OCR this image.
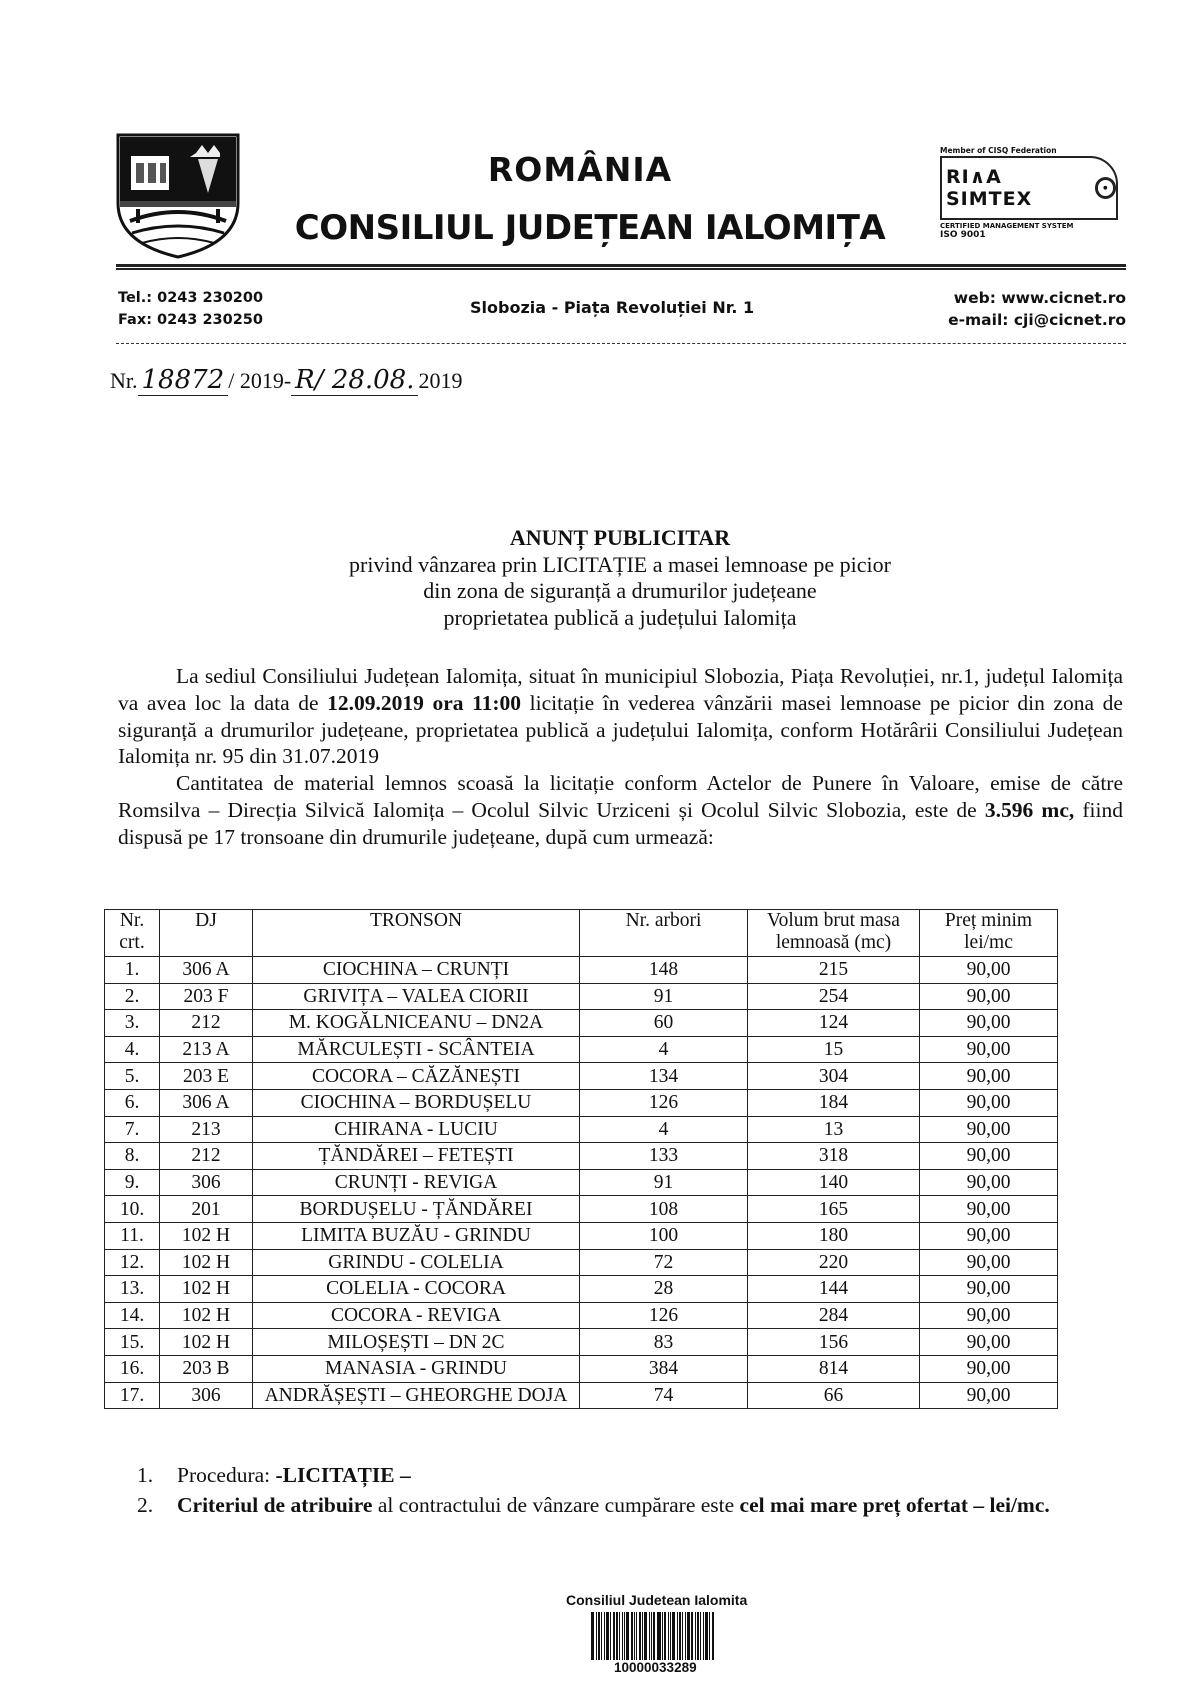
ROMÂNIA
CONSILIUL JUDEȚEAN IALOMIȚA
Member of CISQ Federation
RI∧A SIMTEX	●
CERTIFIED MANAGEMENT SYSTEM
ISO 9001
Tel.: 0243 230200
Fax: 0243 230250
Slobozia - Piața Revoluției Nr. 1	web: www.cicnet.ro
e-mail: cji@cicnet.ro
Nr. 18872 / 2019- R/ 28.08. 2019
ANUNȚ PUBLICITAR
privind vânzarea prin LICITAȚIE a masei lemnoase pe picior
din zona de siguranță a drumurilor județeane
proprietatea publică a județului Ialomița

La sediul Consiliului Județean Ialomița, situat în municipiul Slobozia, Piața Revoluției, nr.1, județul Ialomița va avea loc la data de 12.09.2019 ora 11:00 licitație în vederea vânzării masei lemnoase pe picior din zona de siguranță a drumurilor județeane, proprietatea publică a județului Ialomița, conform Hotărârii Consiliului Județean Ialomița nr. 95 din 31.07.2019

Cantitatea de material lemnos scoasă la licitație conform Actelor de Punere în Valoare, emise de către Romsilva – Direcția Silvică Ialomița – Ocolul Silvic Urziceni și Ocolul Silvic Slobozia, este de 3.596 mc, fiind dispusă pe 17 tronsoane din drumurile județeane, după cum urmează:

Nr. crt.	DJ	TRONSON	Nr. arbori	Volum brut masa lemnoasă (mc)	Preț minim lei/mc
1.	306 A	CIOCHINA – CRUNȚI	148	215	90,00
2.	203 F	GRIVIȚA – VALEA CIORII	91	254	90,00
3.	212	M. KOGĂLNICEANU – DN2A	60	124	90,00
4.	213 A	MĂRCULEȘTI - SCÂNTEIA	4	15	90,00
5.	203 E	COCORA – CĂZĂNEȘTI	134	304	90,00
6.	306 A	CIOCHINA – BORDUȘELU	126	184	90,00
7.	213	CHIRANA - LUCIU	4	13	90,00
8.	212	ȚĂNDĂREI – FETEȘTI	133	318	90,00
9.	306	CRUNȚI - REVIGA	91	140	90,00
10.	201	BORDUȘELU - ȚĂNDĂREI	108	165	90,00
11.	102 H	LIMITA BUZĂU - GRINDU	100	180	90,00
12.	102 H	GRINDU - COLELIA	72	220	90,00
13.	102 H	COLELIA - COCORA	28	144	90,00
14.	102 H	COCORA - REVIGA	126	284	90,00
15.	102 H	MILOȘEȘTI – DN 2C	83	156	90,00
16.	203 B	MANASIA - GRINDU	384	814	90,00
17.	306	ANDRĂȘEȘTI – GHEORGHE DOJA	74	66	90,00
1.	Procedura: -LICITAȚIE –
2.	Criteriul de atribuire al contractului de vânzare cumpărare este cel mai mare preț ofertat – lei/mc.
Consiliul Judetean Ialomita
10000033289
